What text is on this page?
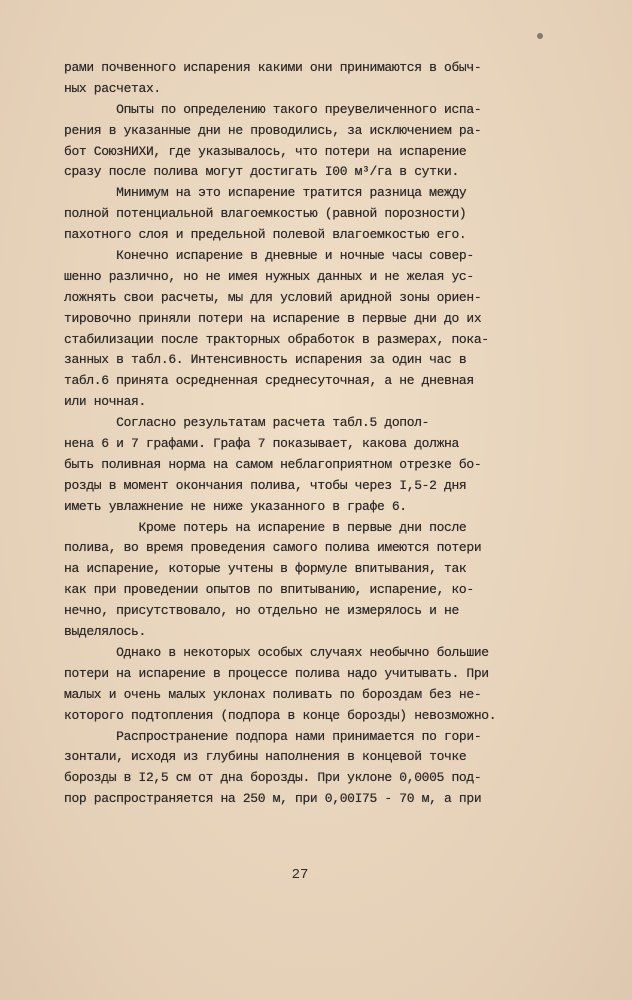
рами почвенного испарения какими они принимаются в обыч-
ных расчетах.
Опыты по определению такого преувеличенного испа-
рения в указанные дни не проводились, за исключением ра-
бот СоюзНИХИ, где указывалось, что потери на испарение
сразу после полива могут достигать I00 м³/га в сутки.
Минимум на это испарение тратится разница между
полной потенциальной влагоемкостью (равной порозности)
пахотного слоя и предельной полевой влагоемкостью его.
Конечно испарение в дневные и ночные часы совер-
шенно различно, но не имея нужных данных и не желая ус-
ложнять свои расчеты, мы для условий аридной зоны ориен-
тировочно приняли потери на испарение в первые дни до их
стабилизации после тракторных обработок в размерах, пока-
занных в табл.6. Интенсивность испарения за один час в
табл.6 принята осредненная среднесуточная, а не дневная
или ночная.
Согласно результатам расчета табл.5 допол-
нена 6 и 7 графами. Графа 7 показывает, какова должна
быть поливная норма на самом неблагоприятном отрезке бо-
розды в момент окончания полива, чтобы через I,5-2 дня
иметь увлажнение не ниже указанного в графе 6.
Кроме потерь на испарение в первые дни после
полива, во время проведения самого полива имеются потери
на испарение, которые учтены в формуле впитывания, так
как при проведении опытов по впитыванию, испарение, ко-
нечно, присутствовало, но отдельно не измерялось и не
выделялось.
Однако в некоторых особых случаях необычно большие
потери на испарение в процессе полива надо учитывать. При
малых и очень малых уклонах поливать по бороздам без не-
которого подтопления (подпора в конце борозды) невозможно.
Распространение подпора нами принимается по гори-
зонтали, исходя из глубины наполнения в концевой точке
борозды в I2,5 см от дна борозды. При уклоне 0,0005 под-
пор распространяется на 250 м, при 0,00I75 - 70 м, а при
27
